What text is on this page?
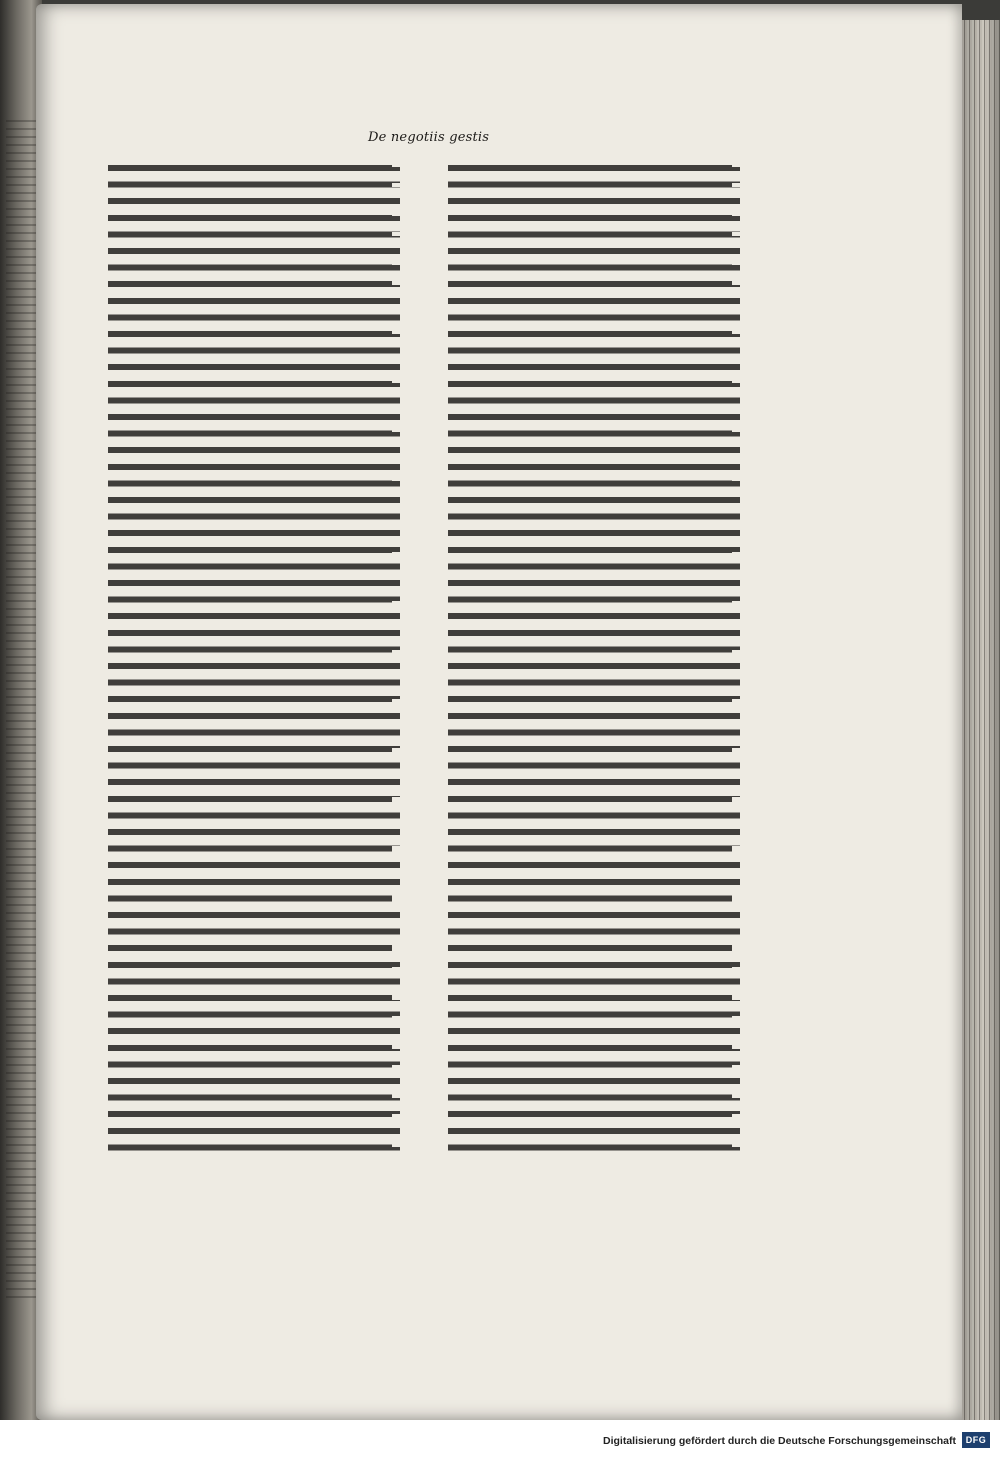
De negotiis gestis
Digitalisierung gefördert durch die Deutsche Forschungsgemeinschaft	DFG
